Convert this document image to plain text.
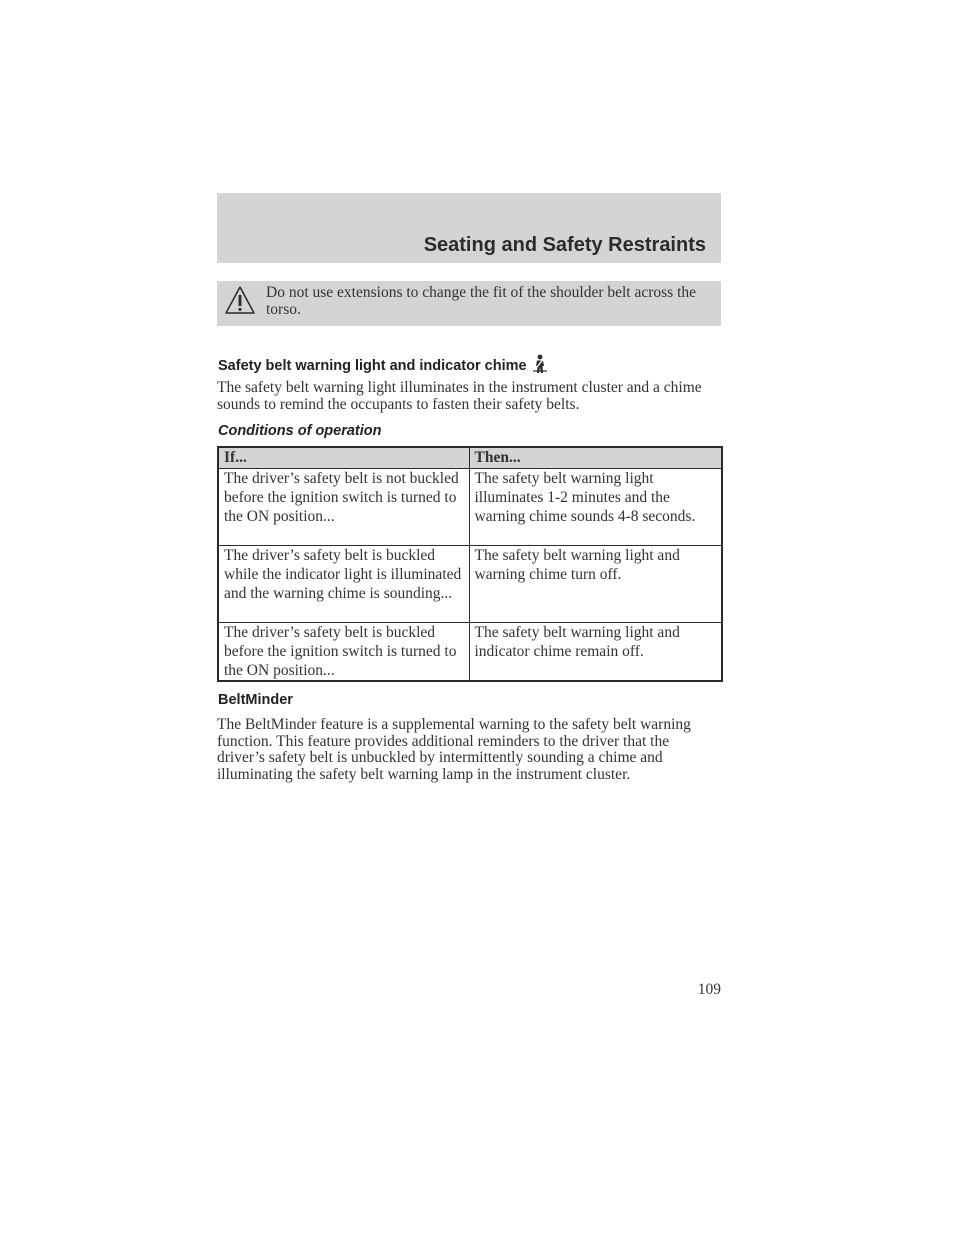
Seating and Safety Restraints
Do not use extensions to change the fit of the shoulder belt across the torso.
Safety belt warning light and indicator chime
The safety belt warning light illuminates in the instrument cluster and a chime sounds to remind the occupants to fasten their safety belts.
Conditions of operation
If...	Then...
The driver’s safety belt is not buckled before the ignition switch is turned to the ON position...	The safety belt warning light illuminates 1-2 minutes and the warning chime sounds 4-8 seconds.
The driver’s safety belt is buckled while the indicator light is illuminated and the warning chime is sounding...	The safety belt warning light and warning chime turn off.
The driver’s safety belt is buckled before the ignition switch is turned to the ON position...	The safety belt warning light and indicator chime remain off.
BeltMinder
The BeltMinder feature is a supplemental warning to the safety belt warning function. This feature provides additional reminders to the driver that the driver’s safety belt is unbuckled by intermittently sounding a chime and illuminating the safety belt warning lamp in the instrument cluster.
109
